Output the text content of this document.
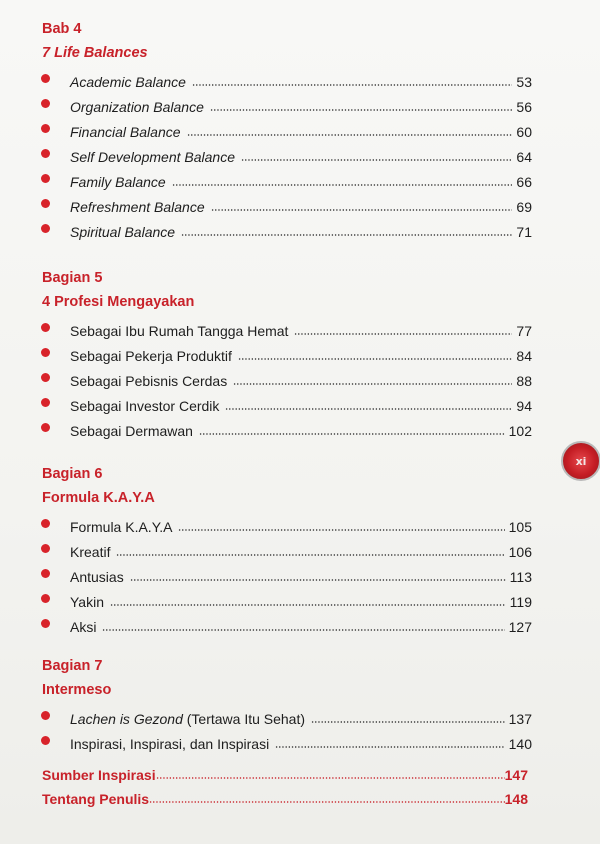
Bab 4
7 Life Balances
Academic Balance	53
Organization Balance	56
Financial Balance	60
Self Development Balance	64
Family Balance	66
Refreshment Balance	69
Spiritual Balance	71
Bagian 5
4 Profesi Mengayakan
Sebagai Ibu Rumah Tangga Hemat	77
Sebagai Pekerja Produktif	84
Sebagai Pebisnis Cerdas	88
Sebagai Investor Cerdik	94
Sebagai Dermawan	102
Bagian 6
Formula K.A.Y.A
Formula K.A.Y.A	105
Kreatif	106
Antusias	113
Yakin	119
Aksi	127
Bagian 7
Intermeso
Lachen is Gezond (Tertawa Itu Sehat)	137
Inspirasi, Inspirasi, dan Inspirasi	140
Sumber Inspirasi	147
Tentang Penulis	148
xi
